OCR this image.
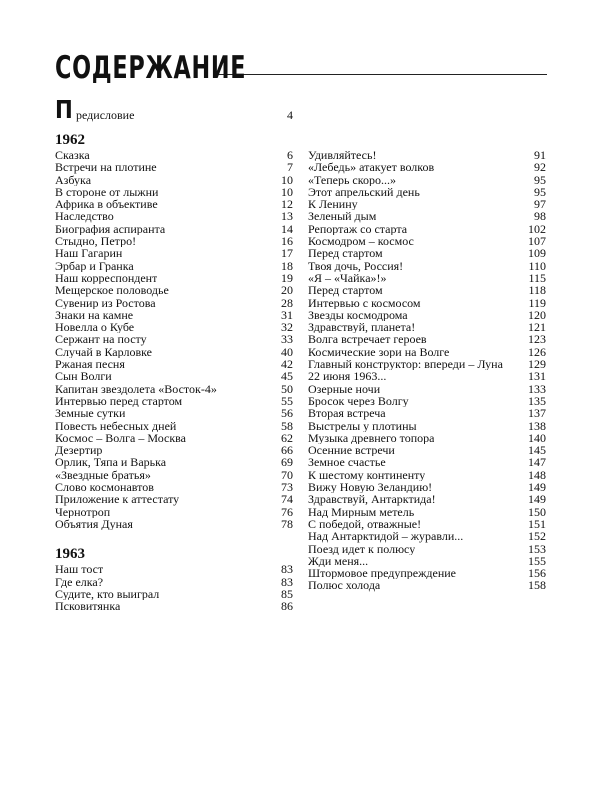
СОДЕРЖАНИЕ
П редисловие	4
1962
Сказка	6
Встречи на плотине	7
Азбука	10
В стороне от лыжни	10
Африка в объективе	12
Наследство	13
Биография аспиранта	14
Стыдно, Петро!	16
Наш Гагарин	17
Эрбар и Гранка	18
Наш корреспондент	19
Мещерское половодье	20
Сувенир из Ростова	28
Знаки на камне	31
Новелла о Кубе	32
Сержант на посту	33
Случай в Карловке	40
Ржаная песня	42
Сын Волги	45
Капитан звездолета «Восток-4»	50
Интервью перед стартом	55
Земные сутки	56
Повесть небесных дней	58
Космос – Волга – Москва	62
Дезертир	66
Орлик, Тяпа и Варька	69
«Звездные братья»	70
Слово космонавтов	73
Приложение к аттестату	74
Чернотроп	76
Объятия Дуная	78
1963
Наш тост	83
Где елка?	83
Судите, кто выиграл	85
Псковитянка	86
Удивляйтесь!	91
«Лебедь» атакует волков	92
«Теперь скоро...»	95
Этот апрельский день	95
К Ленину	97
Зеленый дым	98
Репортаж со старта	102
Космодром – космос	107
Перед стартом	109
Твоя дочь, Россия!	110
«Я – «Чайка»!»	115
Перед стартом	118
Интервью с космосом	119
Звезды космодрома	120
Здравствуй, планета!	121
Волга встречает героев	123
Космические зори на Волге	126
Главный конструктор: впереди – Луна	129
22 июня 1963...	131
Озерные ночи	133
Бросок через Волгу	135
Вторая встреча	137
Выстрелы у плотины	138
Музыка древнего топора	140
Осенние встречи	145
Земное счастье	147
К шестому континенту	148
Вижу Новую Зеландию!	149
Здравствуй, Антарктида!	149
Над Мирным метель	150
С победой, отважные!	151
Над Антарктидой – журавли...	152
Поезд идет к полюсу	153
Жди меня...	155
Штормовое предупреждение	156
Полюс холода	158
